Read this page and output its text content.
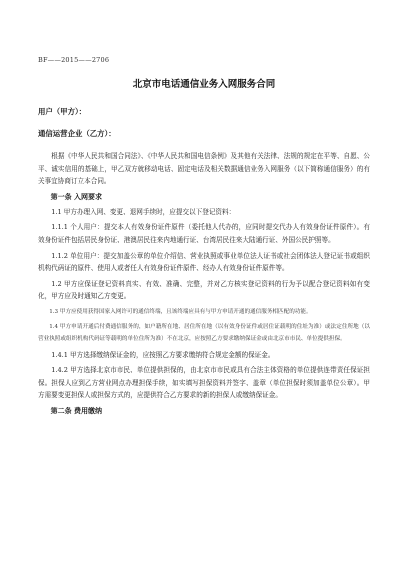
BF——2015——2706
北京市电话通信业务入网服务合同
用户（甲方）：
通信运营企业（乙方）：

根据《中华人民共和国合同法》、《中华人民共和国电信条例》及其他有关法律、法规的规定在平等、自愿、公平、诚实信用的基础上，甲乙双方就移动电话、固定电话及相关数据通信业务入网服务（以下简称通信服务）的有关事宜协商订立本合同。

第一条 入网要求

1.1 甲方办理入网、变更、退网手续时，应提交以下登记资料：

1.1.1 个人用户：提交本人有效身份证件原件（委托他人代办的，应同时提交代办人有效身份证件原件）。有效身份证件包括居民身份证、港澳居民往来内地通行证、台湾居民往来大陆通行证、外国公民护照等。

1.1.2 单位用户：提交加盖公章的单位介绍信、营业执照或事业单位法人证书或社会团体法人登记证书或组织机构代码证的原件、使用人或者任人有效身份证件原件、经办人有效身份证件原件等。

1.2 甲方应保证登记资料真实、有效、准确、完整，并对乙方核实登记资料的行为予以配合登记资料如有变化，甲方应及时通知乙方变更。

1.3 甲方应使用获得国家入网许可的通信终端，且该终端应具有与甲方申请开通的通信服务相匹配的功能。

1.4 甲方申请开通后付费通信服务的，如户籍所在地、居住所在地（以有效身份证件或居住证载明的住址为准）或法定住所地（以营业执照或组织机构代码证等载明的单位住所为准）不在北京，应按照乙方要求缴纳保证金或由北京市市民、单位提供担保。

1.4.1 甲方选择缴纳保证金的，应按照乙方要求缴纳符合规定金额的保证金。

1.4.2 甲方选择北京市市民、单位提供担保的，由北京市市民或具有合法主体资格的单位提供连带责任保证担保。担保人应到乙方营业网点办理担保手续，如实填写担保资料并签字、盖章（单位担保时须加盖单位公章）。甲方需要变更担保人或担保方式的，应提供符合乙方要求的新的担保人或缴纳保证金。

第二条 费用缴纳
